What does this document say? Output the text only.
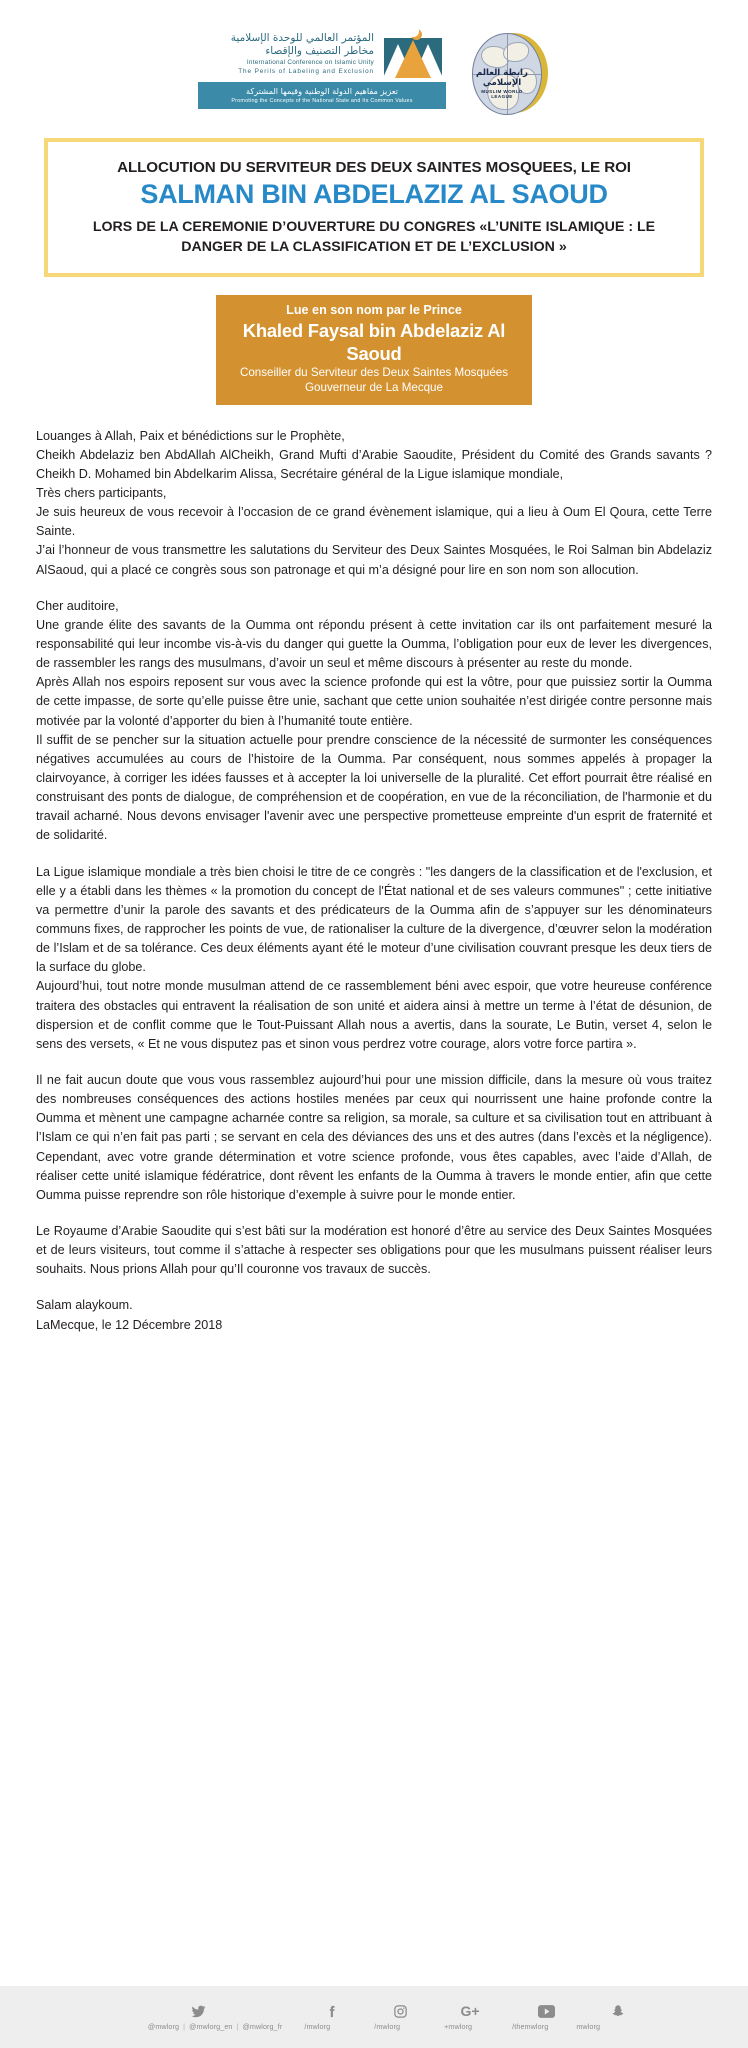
المؤتمر العالمي للوحدة الإسلامية
مخاطر التصنيف والإقصاء
International Conference on Islamic Unity
The Perils of Labeling and Exclusion
تعزيز مفاهيم الدولة الوطنية وقيمها المشتركة
Promoting the Concepts of the National State and Its Common Values
رابطة العالم الإسلامي
MUSLIM WORLD LEAGUE
ALLOCUTION DU SERVITEUR DES DEUX SAINTES MOSQUEES, LE ROI
SALMAN BIN ABDELAZIZ AL SAOUD
LORS DE LA CEREMONIE D’OUVERTURE DU CONGRES «L’UNITE ISLAMIQUE : LE DANGER DE LA CLASSIFICATION ET DE L’EXCLUSION »
Lue en son nom par le Prince
Khaled Faysal bin Abdelaziz Al Saoud
Conseiller du Serviteur des Deux Saintes Mosquées
Gouverneur de La Mecque

Louanges à Allah, Paix et bénédictions sur le Prophète,

Cheikh Abdelaziz ben AbdAllah AlCheikh, Grand Mufti d’Arabie Saoudite, Président du Comité des Grands savants ? Cheikh D. Mohamed bin Abdelkarim Alissa, Secrétaire général de la Ligue islamique mondiale,

Très chers participants,

Je suis heureux de vous recevoir à l’occasion de ce grand évènement islamique, qui a lieu à Oum El Qoura, cette Terre Sainte.

J’ai l’honneur de vous transmettre les salutations du Serviteur des Deux Saintes Mosquées, le Roi Salman bin Abdelaziz AlSaoud, qui a placé ce congrès sous son patronage et qui m’a désigné pour lire en son nom son allocution.

Cher auditoire,

Une grande élite des savants de la Oumma ont répondu présent à cette invitation car ils ont parfaitement mesuré la responsabilité qui leur incombe vis-à-vis du danger qui guette la Oumma, l’obligation pour eux de lever les divergences, de rassembler les rangs des musulmans, d’avoir un seul et même discours à présenter au reste du monde.

Après Allah nos espoirs reposent sur vous avec la science profonde qui est la vôtre, pour que puissiez sortir la Oumma de cette impasse, de sorte qu’elle puisse être unie, sachant que cette union souhaitée n’est dirigée contre personne mais motivée par la volonté d’apporter du bien à l’humanité toute entière.

Il suffit de se pencher sur la situation actuelle pour prendre conscience de la nécessité de surmonter les conséquences négatives accumulées au cours de l’histoire de la Oumma. Par conséquent, nous sommes appelés à propager la clairvoyance, à corriger les idées fausses et à accepter la loi universelle de la pluralité. Cet effort pourrait être réalisé en construisant des ponts de dialogue, de compréhension et de coopération, en vue de la réconciliation, de l'harmonie et du travail acharné. Nous devons envisager l'avenir avec une perspective prometteuse empreinte d'un esprit de fraternité et de solidarité.

La Ligue islamique mondiale a très bien choisi le titre de ce congrès : "les dangers de la classification et de l'exclusion, et elle y a établi dans les thèmes « la promotion du concept de l'État national et de ses valeurs communes" ; cette initiative va permettre d’unir la parole des savants et des prédicateurs de la Oumma afin de s’appuyer sur les dénominateurs communs fixes, de rapprocher les points de vue, de rationaliser la culture de la divergence, d’œuvrer selon la modération de l’Islam et de sa tolérance. Ces deux éléments ayant été le moteur d’une civilisation couvrant presque les deux tiers de la surface du globe.

Aujourd’hui, tout notre monde musulman attend de ce rassemblement béni avec espoir, que votre heureuse conférence traitera des obstacles qui entravent la réalisation de son unité et aidera ainsi à mettre un terme à l’état de désunion, de dispersion et de conflit comme que le Tout-Puissant Allah nous a avertis, dans la sourate, Le Butin, verset 4, selon le sens des versets, « Et ne vous disputez pas et sinon vous perdrez votre courage, alors votre force partira ».

Il ne fait aucun doute que vous vous rassemblez aujourd’hui pour une mission difficile, dans la mesure où vous traitez des nombreuses conséquences des actions hostiles menées par ceux qui nourrissent une haine profonde contre la Oumma et mènent une campagne acharnée contre sa religion, sa morale, sa culture et sa civilisation tout en attribuant à l’Islam ce qui n’en fait pas parti ; se servant en cela des déviances des uns et des autres (dans l’excès et la négligence). Cependant, avec votre grande détermination et votre science profonde, vous êtes capables, avec l’aide d’Allah, de réaliser cette unité islamique fédératrice, dont rêvent les enfants de la Oumma à travers le monde entier, afin que cette Oumma puisse reprendre son rôle historique d’exemple à suivre pour le monde entier.

Le Royaume d’Arabie Saoudite qui s’est bâti sur la modération est honoré d’être au service des Deux Saintes Mosquées et de leurs visiteurs, tout comme il s’attache à respecter ses obligations pour que les musulmans puissent réaliser leurs souhaits. Nous prions Allah pour qu’Il couronne vos travaux de succès.

Salam alaykoum.

LaMecque, le 12 Décembre 2018

G+
@mwlorg | @mwlorg_en | @mwlorg_fr	/mwlorg	/mwlorg	+mwlorg	/themwlorg	mwlorg
